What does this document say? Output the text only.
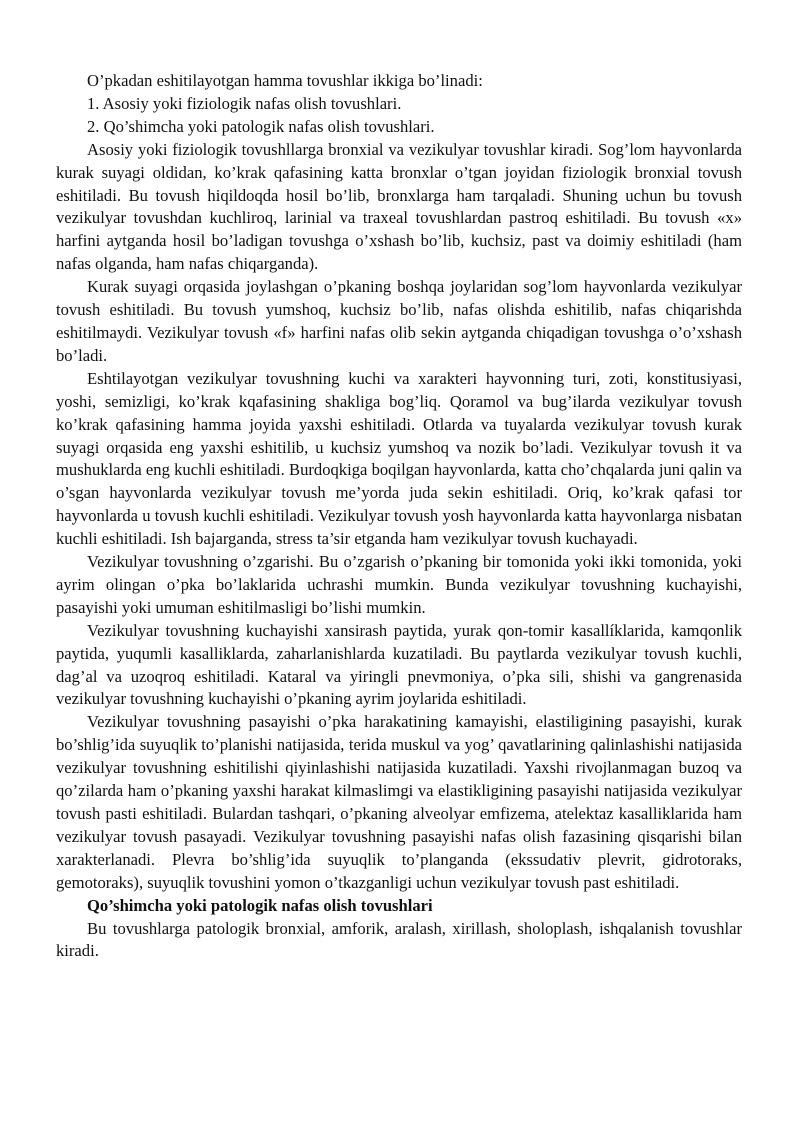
O’pkadan eshitilayotgan hamma tovushlar ikkiga bo’linadi:

1. Asosiy yoki fiziologik nafas olish tovushlari.

2. Qo’shimcha yoki patologik nafas olish tovushlari.

Asosiy yoki fiziologik tovushllarga bronxial va vezikulyar tovushlar kiradi. Sog’lom hayvonlarda kurak suyagi oldidan, ko’krak qafasining katta bronxlar o’tgan joyidan fiziologik bronxial tovush eshitiladi. Bu tovush hiqildoqda hosil bo’lib, bronxlarga ham tarqaladi. Shuning uchun bu tovush vezikulyar tovushdan kuchliroq, larinial va traxeal tovushlardan pastroq eshitiladi. Bu tovush «x» harfini aytganda hosil bo’ladigan tovushga o’xshash bo’lib, kuchsiz, past va doimiy eshitiladi (ham nafas olganda, ham nafas chiqarganda).

Kurak suyagi orqasida joylashgan o’pkaning boshqa joylaridan sog’lom hayvonlarda vezikulyar tovush eshitiladi. Bu tovush yumshoq, kuchsiz bo’lib, nafas olishda eshitilib, nafas chiqarishda eshitilmaydi. Vezikulyar tovush «f» harfini nafas olib sekin aytganda chiqadigan tovushga o’o’xshash bo’ladi.

Eshtilayotgan vezikulyar tovushning kuchi va xarakteri hayvonning turi, zoti, konstitusiyasi, yoshi, semizligi, ko’krak kqafasining shakliga bog’liq. Qoramol va bug’ilarda vezikulyar tovush ko’krak qafasining hamma joyida yaxshi eshitiladi. Otlarda va tuyalarda vezikulyar tovush kurak suyagi orqasida eng yaxshi eshitilib, u kuchsiz yumshoq va nozik bo’ladi. Vezikulyar tovush it va mushuklarda eng kuchli eshitiladi. Burdoqkiga boqilgan hayvonlarda, katta cho’chqalarda juni qalin va o’sgan hayvonlarda vezikulyar tovush me’yorda juda sekin eshitiladi. Oriq, ko’krak qafasi tor hayvonlarda u tovush kuchli eshitiladi. Vezikulyar tovush yosh hayvonlarda katta hayvonlarga nisbatan kuchli eshitiladi. Ish bajarganda, stress ta’sir etganda ham vezikulyar tovush kuchayadi.

Vezikulyar tovushning o’zgarishi. Bu o’zgarish o’pkaning bir tomonida yoki ikki tomonida, yoki ayrim olingan o’pka bo’laklarida uchrashi mumkin. Bunda vezikulyar tovushning kuchayishi, pasayishi yoki umuman eshitilmasligi bo’lishi mumkin.

Vezikulyar tovushning kuchayishi xansirash paytida, yurak qon-tomir kasallíklarida, kamqonlik paytida, yuqumli kasalliklarda, zaharlanishlarda kuzatiladi. Bu paytlarda vezikulyar tovush kuchli, dag’al va uzoqroq eshitiladi. Kataral va yiringli pnevmoniya, o’pka sili, shishi va gangrenasida vezikulyar tovushning kuchayishi o’pkaning ayrim joylarida eshitiladi.

Vezikulyar tovushning pasayishi o’pka harakatining kamayishi, elastiligining pasayishi, kurak bo’shlig’ida suyuqlik to’planishi natijasida, terida muskul va yog’ qavatlarining qalinlashishi natijasida vezikulyar tovushning eshitilishi qiyinlashishi natijasida kuzatiladi. Yaxshi rivojlanmagan buzoq va qo’zilarda ham o’pkaning yaxshi harakat kilmaslimgi va elastikligining pasayishi natijasida vezikulyar tovush pasti eshitiladi. Bulardan tashqari, o’pkaning alveolyar emfizema, atelektaz kasalliklarida ham vezikulyar tovush pasayadi. Vezikulyar tovushning pasayishi nafas olish fazasining qisqarishi bilan xarakterlanadi. Plevra bo’shlig’ida suyuqlik to’planganda (ekssudativ plevrit, gidrotoraks, gemotoraks), suyuqlik tovushini yomon o’tkazganligi uchun vezikulyar tovush past eshitiladi.

Qo’shimcha yoki patologik nafas olish tovushlari

Bu tovushlarga patologik bronxial, amforik, aralash, xirillash, sholoplash, ishqalanish tovushlar kiradi.
